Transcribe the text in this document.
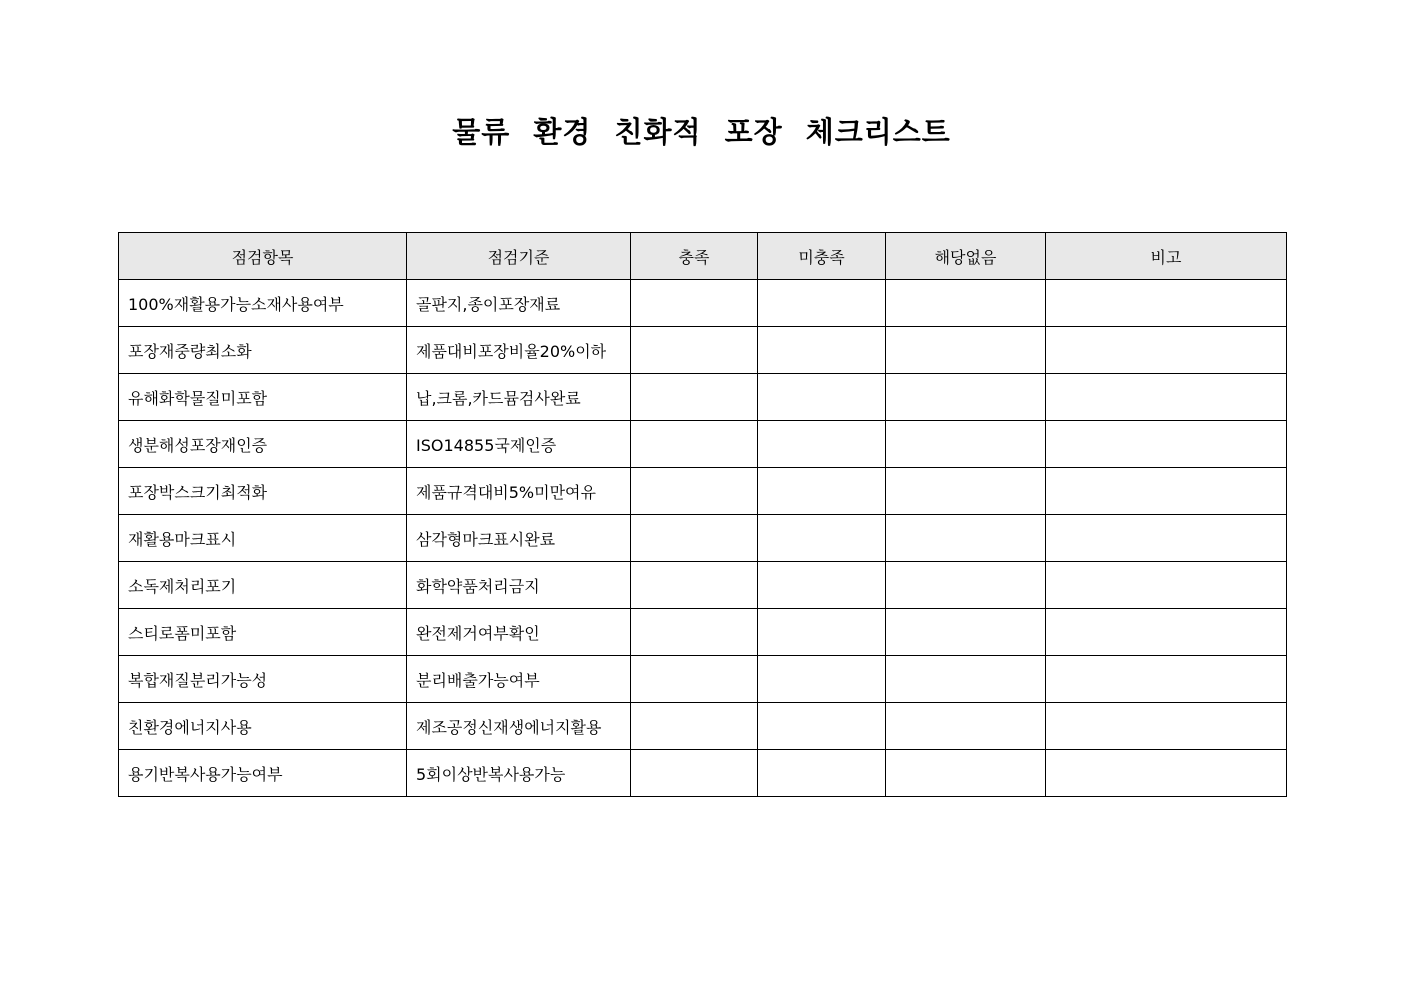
물류 환경 친화적 포장 체크리스트
점검항목	점검기준	충족	미충족	해당없음	비고
100%재활용가능소재사용여부	골판지,종이포장재료				
포장재중량최소화	제품대비포장비율20%이하				
유해화학물질미포함	납,크롬,카드뮴검사완료				
생분해성포장재인증	ISO14855국제인증				
포장박스크기최적화	제품규격대비5%미만여유				
재활용마크표시	삼각형마크표시완료				
소독제처리포기	화학약품처리금지				
스티로폼미포함	완전제거여부확인				
복합재질분리가능성	분리배출가능여부				
친환경에너지사용	제조공정신재생에너지활용				
용기반복사용가능여부	5회이상반복사용가능				
